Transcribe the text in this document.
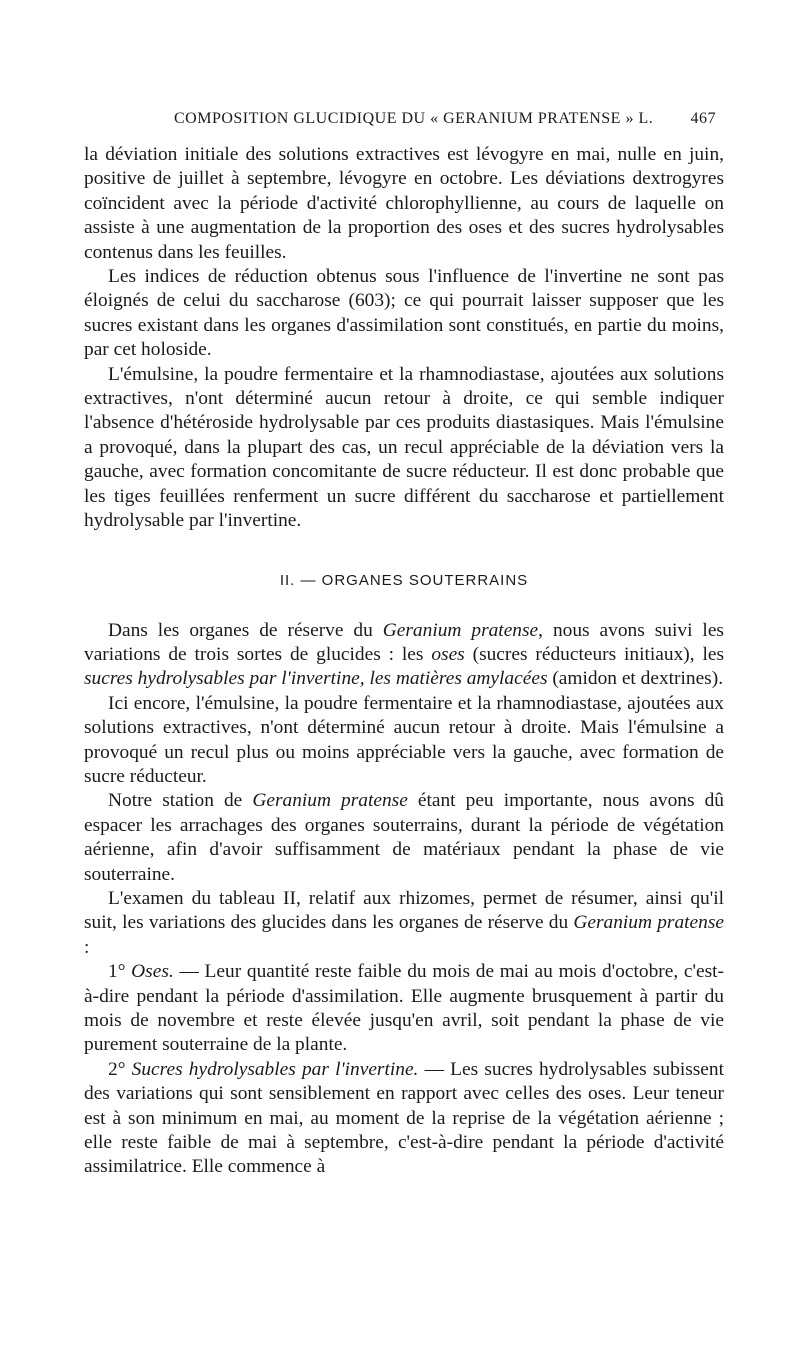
COMPOSITION GLUCIDIQUE DU « GERANIUM PRATENSE » L. 467

la déviation initiale des solutions extractives est lévogyre en mai, nulle en juin, positive de juillet à septembre, lévogyre en octobre. Les déviations dextrogyres coïncident avec la période d'activité chlorophyllienne, au cours de laquelle on assiste à une augmentation de la proportion des oses et des sucres hydrolysables contenus dans les feuilles.

Les indices de réduction obtenus sous l'influence de l'invertine ne sont pas éloignés de celui du saccharose (603); ce qui pourrait laisser supposer que les sucres existant dans les organes d'assimilation sont constitués, en partie du moins, par cet holoside.

L'émulsine, la poudre fermentaire et la rhamnodiastase, ajoutées aux solutions extractives, n'ont déterminé aucun retour à droite, ce qui semble indiquer l'absence d'hétéroside hydrolysable par ces produits diastasiques. Mais l'émulsine a provoqué, dans la plupart des cas, un recul appréciable de la déviation vers la gauche, avec formation concomitante de sucre réducteur. Il est donc probable que les tiges feuillées renferment un sucre différent du saccharose et partiellement hydrolysable par l'invertine.

II. — ORGANES SOUTERRAINS

Dans les organes de réserve du Geranium pratense, nous avons suivi les variations de trois sortes de glucides : les oses (sucres réducteurs initiaux), les sucres hydrolysables par l'invertine, les matières amylacées (amidon et dextrines).

Ici encore, l'émulsine, la poudre fermentaire et la rhamnodiastase, ajoutées aux solutions extractives, n'ont déterminé aucun retour à droite. Mais l'émulsine a provoqué un recul plus ou moins appréciable vers la gauche, avec formation de sucre réducteur.

Notre station de Geranium pratense étant peu importante, nous avons dû espacer les arrachages des organes souterrains, durant la période de végétation aérienne, afin d'avoir suffisamment de matériaux pendant la phase de vie souterraine.

L'examen du tableau II, relatif aux rhizomes, permet de résumer, ainsi qu'il suit, les variations des glucides dans les organes de réserve du Geranium pratense :

1° Oses. — Leur quantité reste faible du mois de mai au mois d'octobre, c'est-à-dire pendant la période d'assimilation. Elle augmente brusquement à partir du mois de novembre et reste élevée jusqu'en avril, soit pendant la phase de vie purement souterraine de la plante.

2° Sucres hydrolysables par l'invertine. — Les sucres hydrolysables subissent des variations qui sont sensiblement en rapport avec celles des oses. Leur teneur est à son minimum en mai, au moment de la reprise de la végétation aérienne ; elle reste faible de mai à septembre, c'est-à-dire pendant la période d'activité assimilatrice. Elle commence à
